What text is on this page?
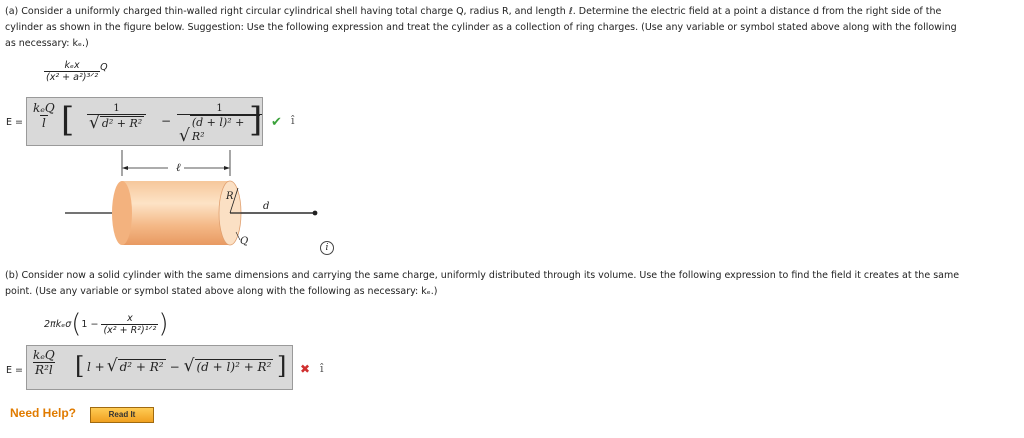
(a) Consider a uniformly charged thin-walled right circular cylindrical shell having total charge Q, radius R, and length ℓ. Determine the electric field at a point a distance d from the right side of the
cylinder as shown in the figure below. Suggestion: Use the following expression and treat the cylinder as a collection of ring charges. (Use any variable or symbol stated above along with the following
as necessary: kₑ.)
$\frac{\text{kₑx}}{\text{(x² + a²)³ᐟ²}}$ Q
$E = \frac{\text{kₑQ}}{l}$ [ $\frac{1}{\text{√ d² + R²}} - 1$
√
(d + l)² + R²
] ✔ î
ℓ
R
d
Q
i
(b) Consider now a solid cylinder with the same dimensions and carrying the same charge, uniformly distributed through its volume. Use the following expression to find the field it creates at the same
point. (Use any variable or symbol stated above along with the following as necessary: kₑ.)
2πkₑσ ( $1 - \frac{x}{\text{(x² + R²)¹ᐟ²}}$ )
$E = \frac{\text{kₑQ}}{\text{R²l}}$ [ l + √ d² + R² − √ (d + l)² + R² ] ✖ î
Need Help?	Read It
